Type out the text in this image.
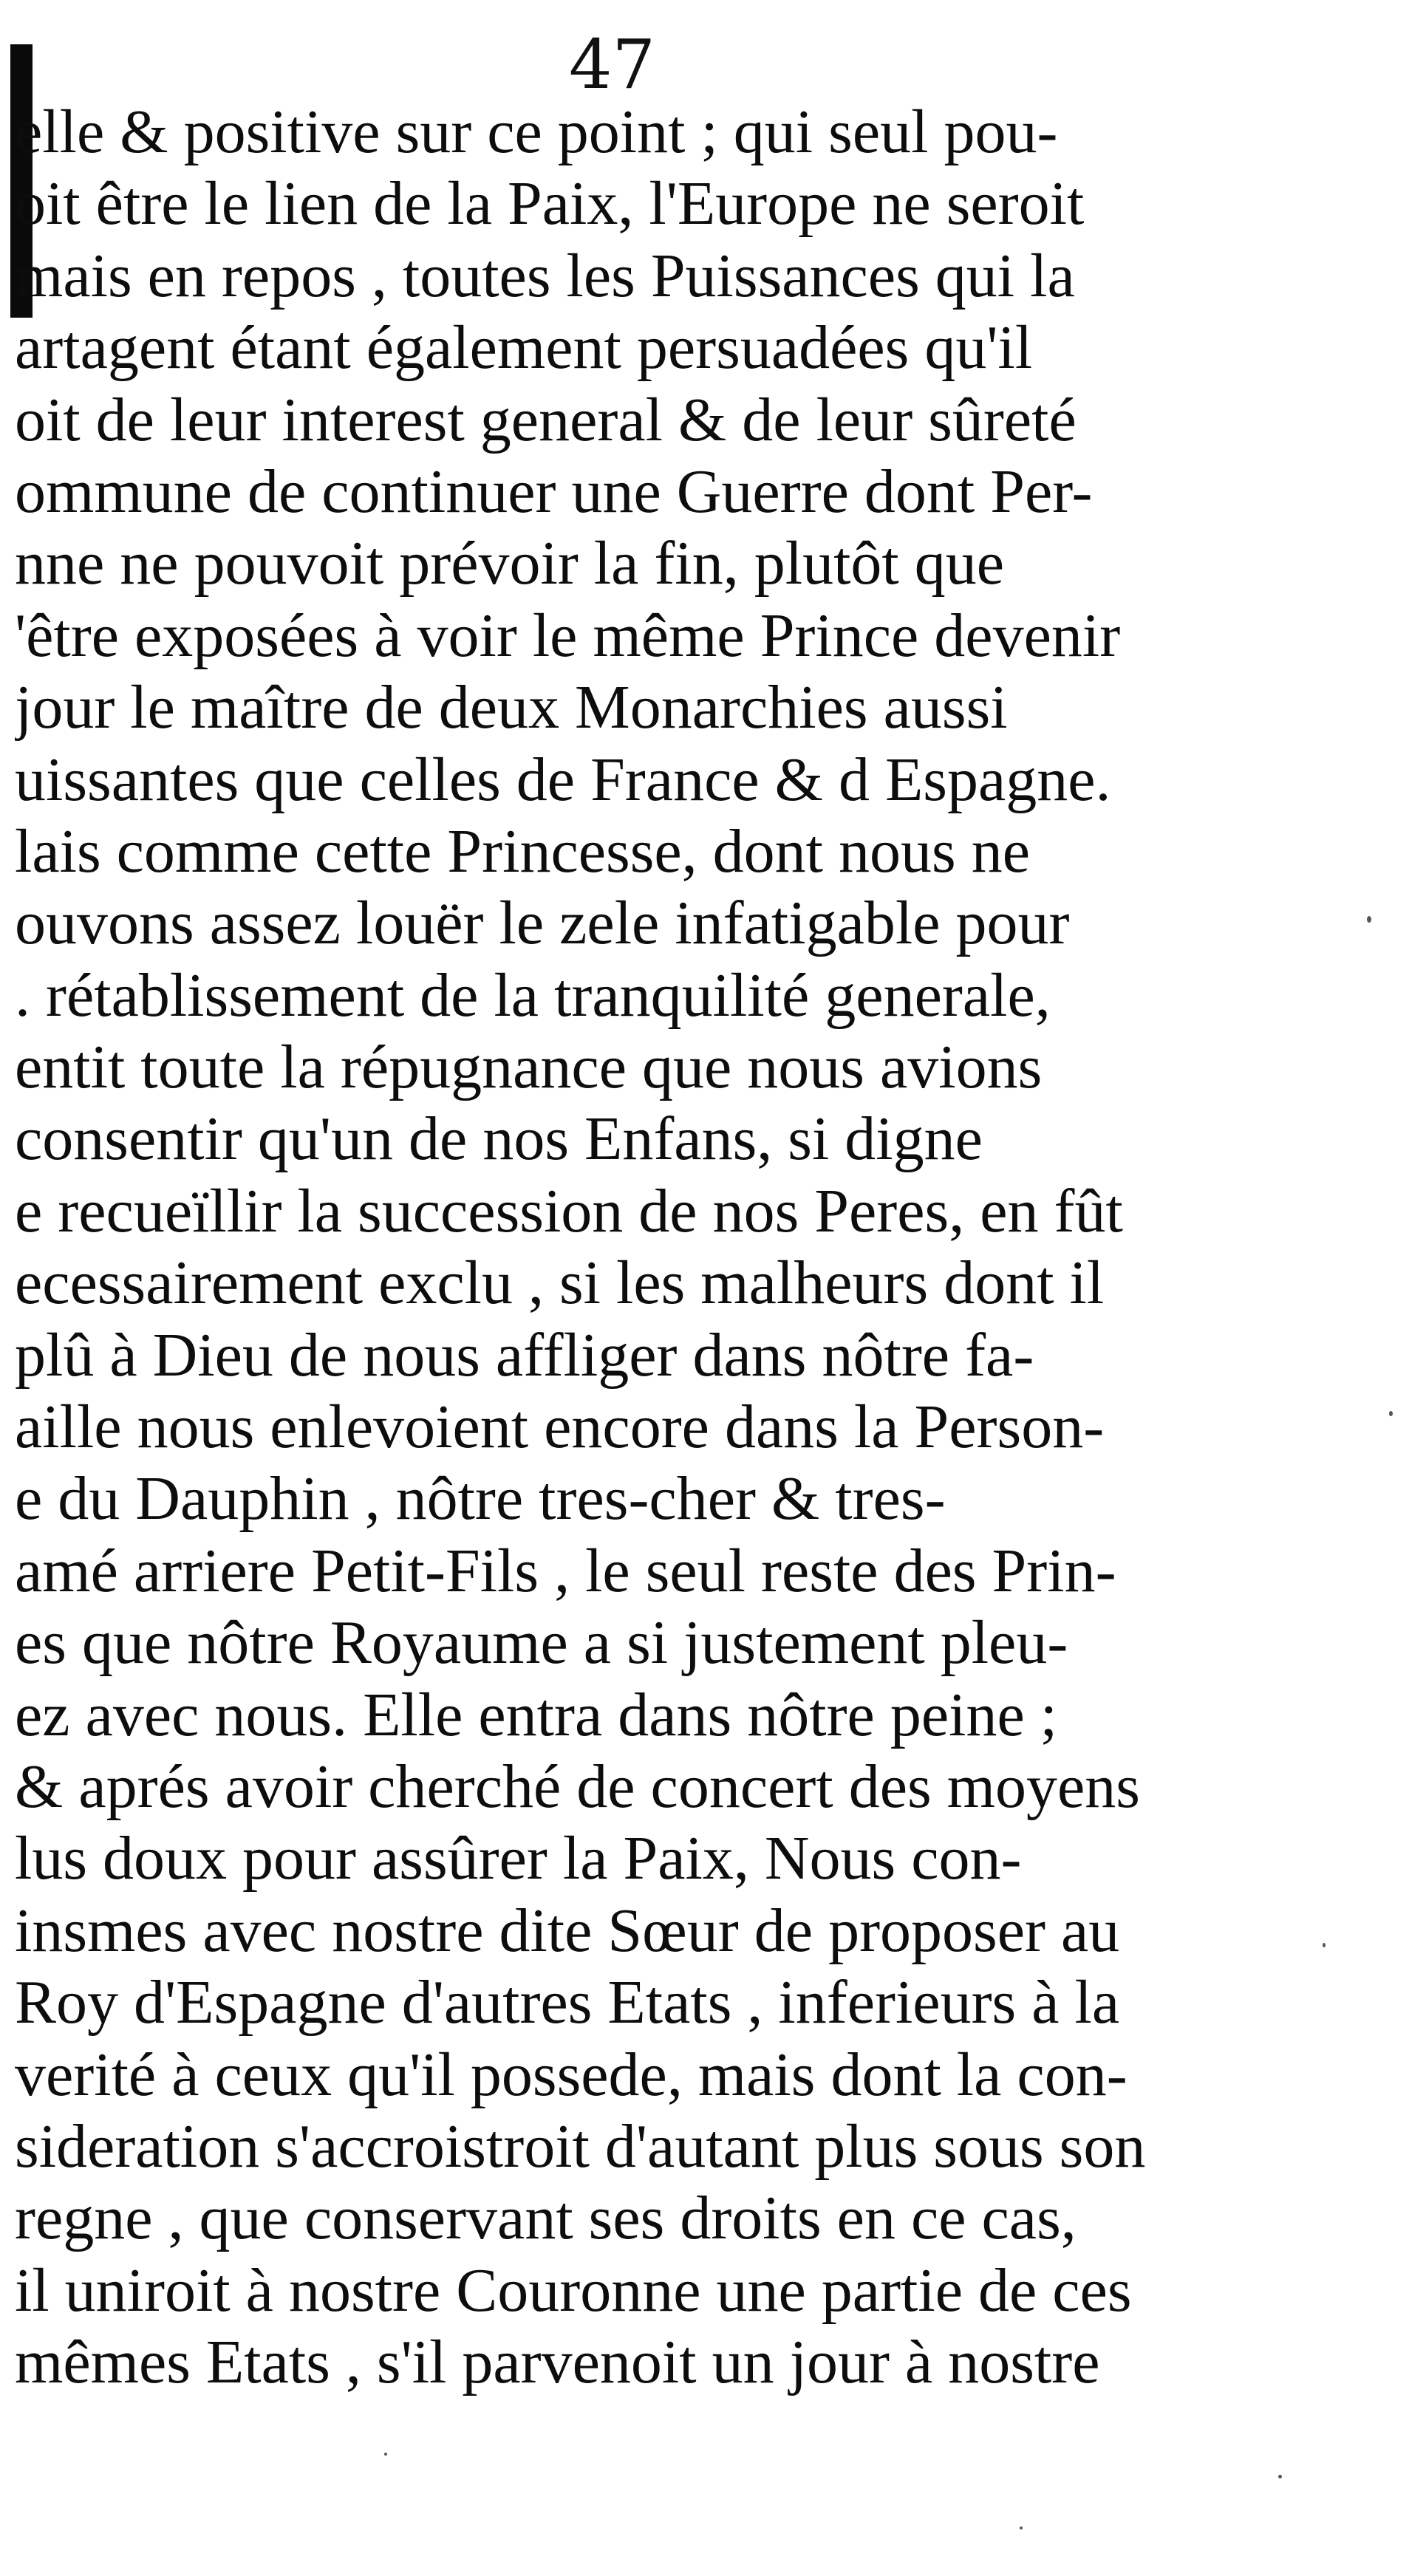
47
elle & positive sur ce point ; qui seul pou-
oit être le lien de la Paix, l'Europe ne seroit
mais en repos , toutes les Puissances qui la
artagent étant également persuadées qu'il
oit de leur interest general & de leur sûreté
ommune de continuer une Guerre dont Per-
nne ne pouvoit prévoir la fin, plutôt que
'être exposées à voir le même Prince devenir
jour le maître de deux Monarchies aussi
uissantes que celles de France & d Espagne.
lais comme cette Princesse, dont nous ne
ouvons assez louër le zele infatigable pour
. rétablissement de la tranquilité generale,
entit toute la répugnance que nous avions
consentir qu'un de nos Enfans, si digne
e recueïllir la succession de nos Peres, en fût
ecessairement exclu , si les malheurs dont il
plû à Dieu de nous affliger dans nôtre fa-
aille nous enlevoient encore dans la Person-
e du Dauphin , nôtre tres-cher & tres-
amé arriere Petit-Fils , le seul reste des Prin-
es que nôtre Royaume a si justement pleu-
ez avec nous. Elle entra dans nôtre peine ;
& aprés avoir cherché de concert des moyens
lus doux pour assûrer la Paix, Nous con-
insmes avec nostre dite Sœur de proposer au
Roy d'Espagne d'autres Etats , inferieurs à la
verité à ceux qu'il possede, mais dont la con-
sideration s'accroistroit d'autant plus sous son
regne , que conservant ses droits en ce cas,
il uniroit à nostre Couronne une partie de ces
mêmes Etats , s'il parvenoit un jour à nostre
